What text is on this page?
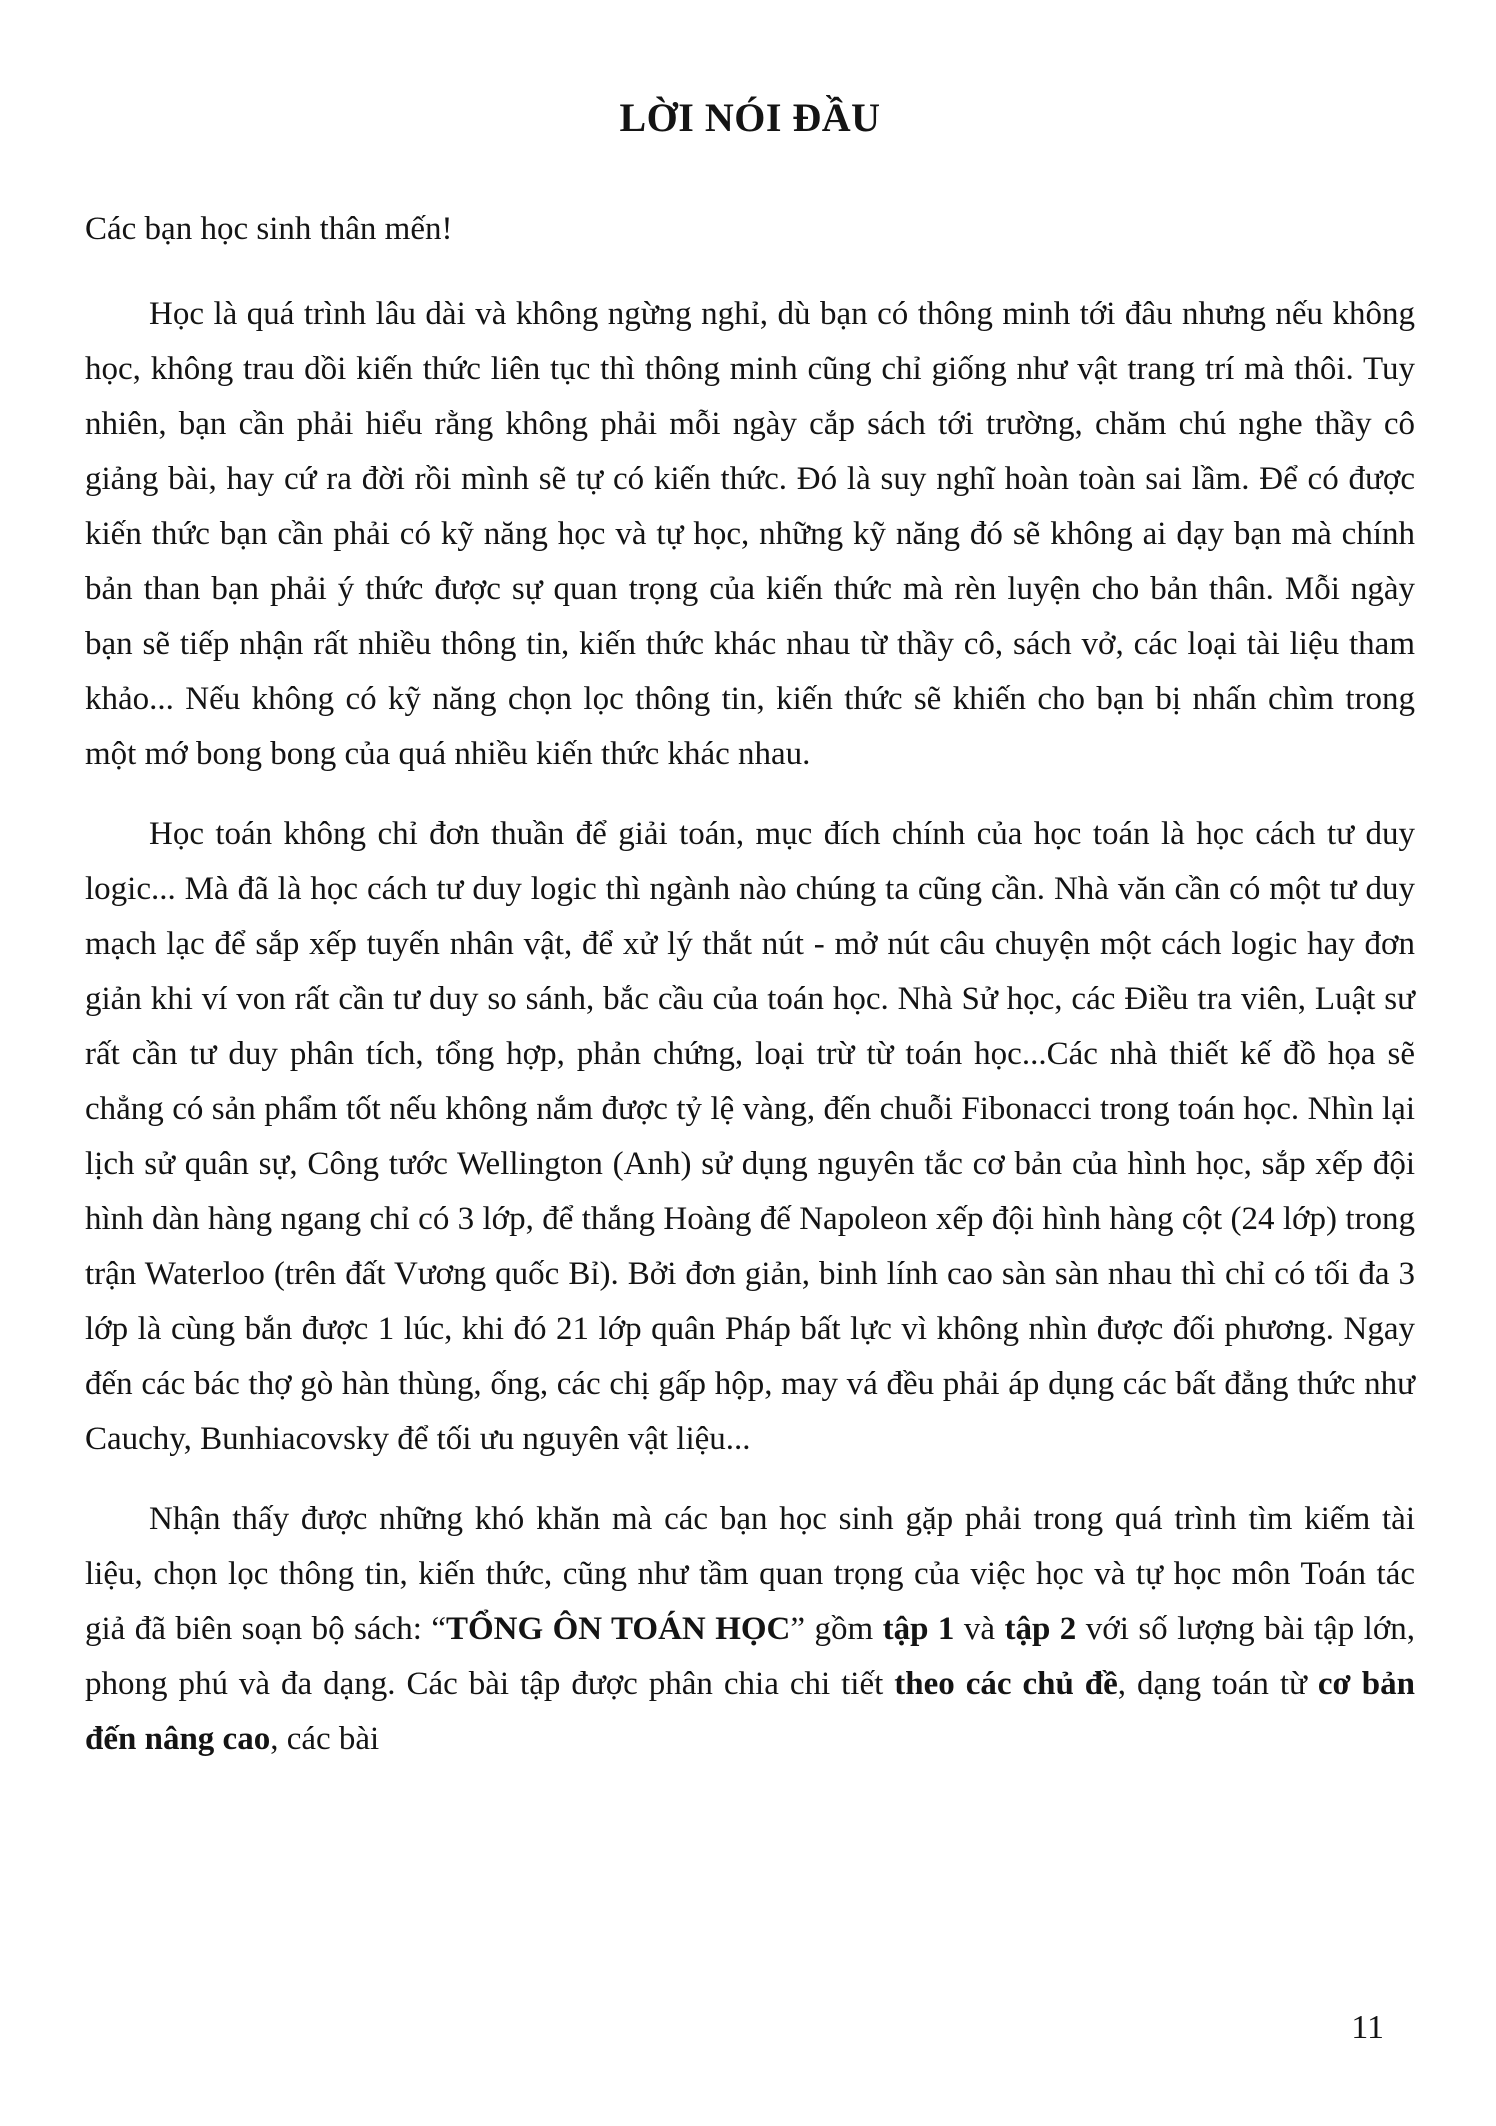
LỜI NÓI ĐẦU

Các bạn học sinh thân mến!

Học là quá trình lâu dài và không ngừng nghỉ, dù bạn có thông minh tới đâu nhưng nếu không học, không trau dồi kiến thức liên tục thì thông minh cũng chỉ giống như vật trang trí mà thôi. Tuy nhiên, bạn cần phải hiểu rằng không phải mỗi ngày cắp sách tới trường, chăm chú nghe thầy cô giảng bài, hay cứ ra đời rồi mình sẽ tự có kiến thức. Đó là suy nghĩ hoàn toàn sai lầm. Để có được kiến thức bạn cần phải có kỹ năng học và tự học, những kỹ năng đó sẽ không ai dạy bạn mà chính bản than bạn phải ý thức được sự quan trọng của kiến thức mà rèn luyện cho bản thân. Mỗi ngày bạn sẽ tiếp nhận rất nhiều thông tin, kiến thức khác nhau từ thầy cô, sách vở, các loại tài liệu tham khảo... Nếu không có kỹ năng chọn lọc thông tin, kiến thức sẽ khiến cho bạn bị nhấn chìm trong một mớ bong bong của quá nhiều kiến thức khác nhau.

Học toán không chỉ đơn thuần để giải toán, mục đích chính của học toán là học cách tư duy logic... Mà đã là học cách tư duy logic thì ngành nào chúng ta cũng cần. Nhà văn cần có một tư duy mạch lạc để sắp xếp tuyến nhân vật, để xử lý thắt nút - mở nút câu chuyện một cách logic hay đơn giản khi ví von rất cần tư duy so sánh, bắc cầu của toán học. Nhà Sử học, các Điều tra viên, Luật sư rất cần tư duy phân tích, tổng hợp, phản chứng, loại trừ từ toán học...Các nhà thiết kế đồ họa sẽ chẳng có sản phẩm tốt nếu không nắm được tỷ lệ vàng, đến chuỗi Fibonacci trong toán học. Nhìn lại lịch sử quân sự, Công tước Wellington (Anh) sử dụng nguyên tắc cơ bản của hình học, sắp xếp đội hình dàn hàng ngang chỉ có 3 lớp, để thắng Hoàng đế Napoleon xếp đội hình hàng cột (24 lớp) trong trận Waterloo (trên đất Vương quốc Bỉ). Bởi đơn giản, binh lính cao sàn sàn nhau thì chỉ có tối đa 3 lớp là cùng bắn được 1 lúc, khi đó 21 lớp quân Pháp bất lực vì không nhìn được đối phương. Ngay đến các bác thợ gò hàn thùng, ống, các chị gấp hộp, may vá đều phải áp dụng các bất đẳng thức như Cauchy, Bunhiacovsky để tối ưu nguyên vật liệu...

Nhận thấy được những khó khăn mà các bạn học sinh gặp phải trong quá trình tìm kiếm tài liệu, chọn lọc thông tin, kiến thức, cũng như tầm quan trọng của việc học và tự học môn Toán tác giả đã biên soạn bộ sách: “TỔNG ÔN TOÁN HỌC” gồm tập 1 và tập 2 với số lượng bài tập lớn, phong phú và đa dạng. Các bài tập được phân chia chi tiết theo các chủ đề, dạng toán từ cơ bản đến nâng cao, các bài

11
